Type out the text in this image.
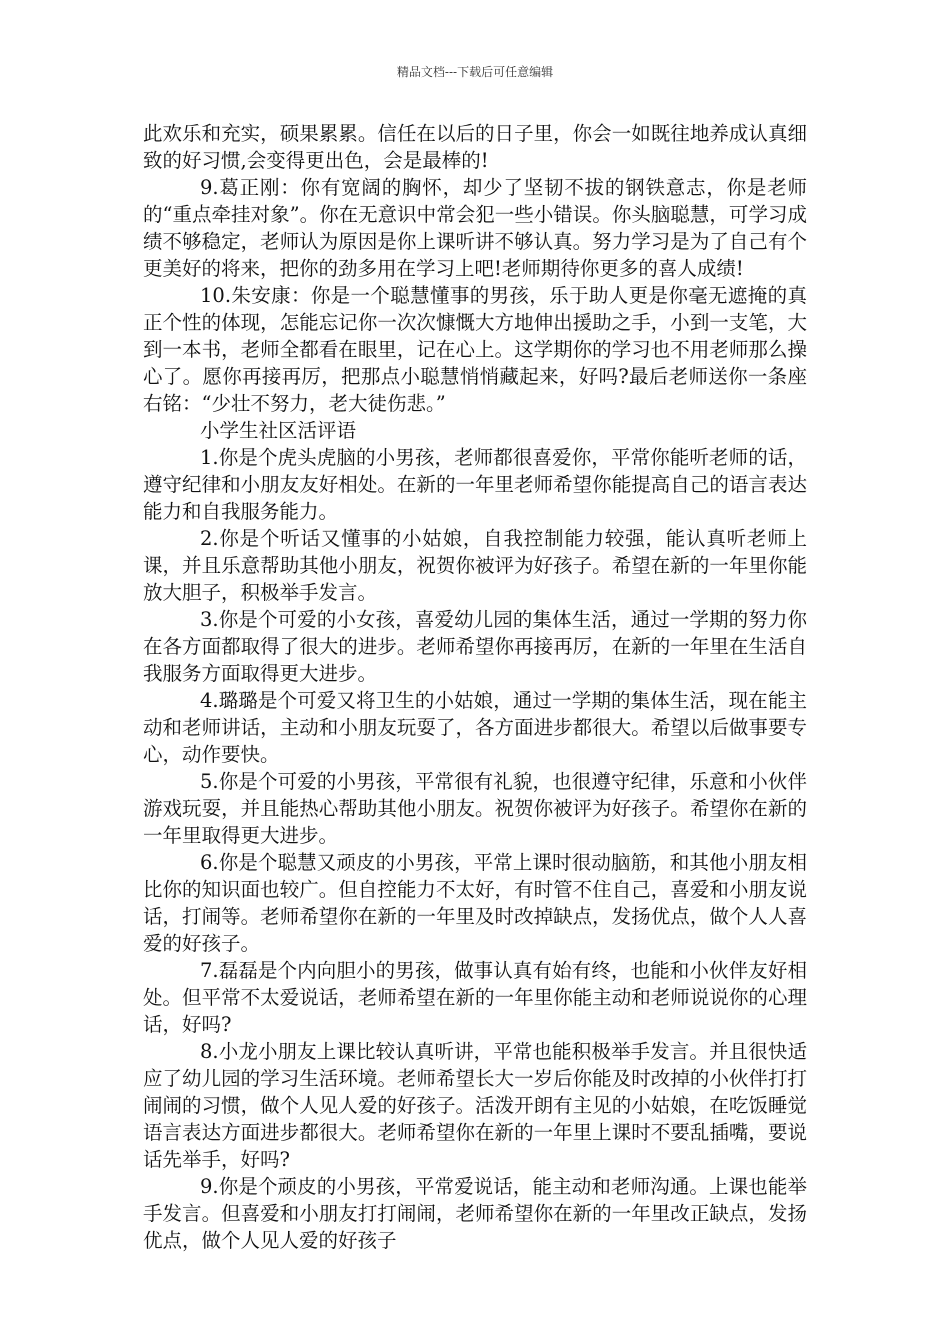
精品文档---下载后可任意编辑

此欢乐和充实，硕果累累。信任在以后的日子里，你会一如既往地养成认真细致的好习惯,会变得更出色，会是最棒的!

9.葛正刚：你有宽阔的胸怀，却少了坚韧不拔的钢铁意志，你是老师的“重点牵挂对象”。你在无意识中常会犯一些小错误。你头脑聪慧，可学习成绩不够稳定，老师认为原因是你上课听讲不够认真。努力学习是为了自己有个更美好的将来，把你的劲多用在学习上吧!老师期待你更多的喜人成绩!

10.朱安康：你是一个聪慧懂事的男孩，乐于助人更是你毫无遮掩的真正个性的体现，怎能忘记你一次次慷慨大方地伸出援助之手，小到一支笔，大到一本书，老师全都看在眼里，记在心上。这学期你的学习也不用老师那么操心了。愿你再接再厉，把那点小聪慧悄悄藏起来，好吗?最后老师送你一条座右铭：“少壮不努力，老大徒伤悲。”

小学生社区活评语

1.你是个虎头虎脑的小男孩，老师都很喜爱你，平常你能听老师的话，遵守纪律和小朋友友好相处。在新的一年里老师希望你能提高自己的语言表达能力和自我服务能力。

2.你是个听话又懂事的小姑娘，自我控制能力较强，能认真听老师上课，并且乐意帮助其他小朋友，祝贺你被评为好孩子。希望在新的一年里你能放大胆子，积极举手发言。

3.你是个可爱的小女孩，喜爱幼儿园的集体生活，通过一学期的努力你在各方面都取得了很大的进步。老师希望你再接再厉，在新的一年里在生活自我服务方面取得更大进步。

4.璐璐是个可爱又将卫生的小姑娘，通过一学期的集体生活，现在能主动和老师讲话，主动和小朋友玩耍了，各方面进步都很大。希望以后做事要专心，动作要快。

5.你是个可爱的小男孩，平常很有礼貌，也很遵守纪律，乐意和小伙伴游戏玩耍，并且能热心帮助其他小朋友。祝贺你被评为好孩子。希望你在新的一年里取得更大进步。

6.你是个聪慧又顽皮的小男孩，平常上课时很动脑筋，和其他小朋友相比你的知识面也较广。但自控能力不太好，有时管不住自己，喜爱和小朋友说话，打闹等。老师希望你在新的一年里及时改掉缺点，发扬优点，做个人人喜爱的好孩子。

7.磊磊是个内向胆小的男孩，做事认真有始有终，也能和小伙伴友好相处。但平常不太爱说话，老师希望在新的一年里你能主动和老师说说你的心理话，好吗?

8.小龙小朋友上课比较认真听讲，平常也能积极举手发言。并且很快适应了幼儿园的学习生活环境。老师希望长大一岁后你能及时改掉的小伙伴打打闹闹的习惯，做个人见人爱的好孩子。活泼开朗有主见的小姑娘，在吃饭睡觉语言表达方面进步都很大。老师希望你在新的一年里上课时不要乱插嘴，要说话先举手，好吗?

9.你是个顽皮的小男孩，平常爱说话，能主动和老师沟通。上课也能举手发言。但喜爱和小朋友打打闹闹，老师希望你在新的一年里改正缺点，发扬优点，做个人见人爱的好孩子
